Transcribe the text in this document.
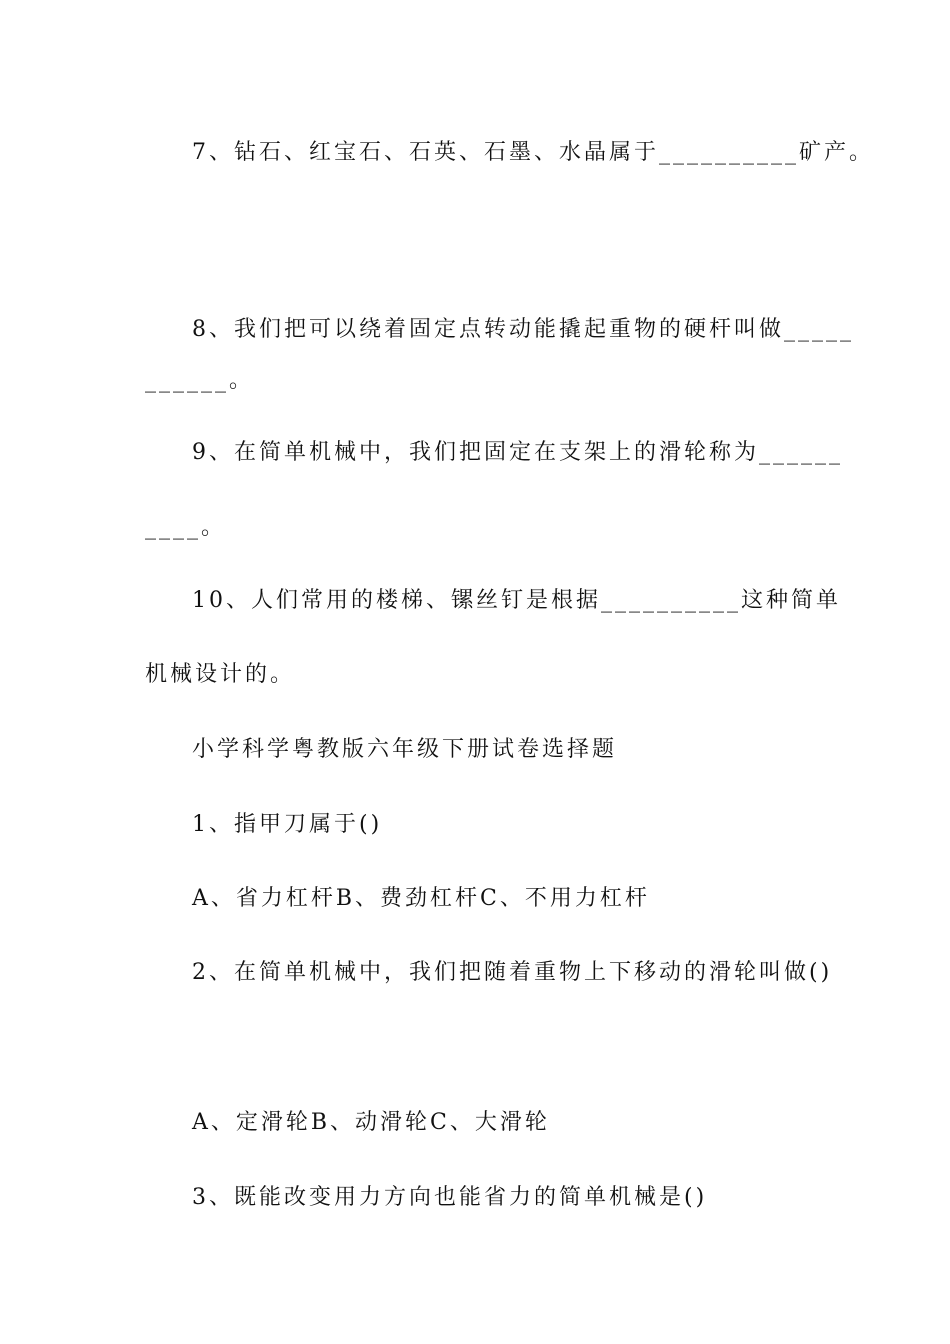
7、钻石、红宝石、石英、石墨、水晶属于__________矿产。
8、我们把可以绕着固定点转动能撬起重物的硬杆叫做_____
______。
9、在简单机械中，我们把固定在支架上的滑轮称为______
____。
10、人们常用的楼梯、镙丝钉是根据__________这种简单
机械设计的。
小学科学粤教版六年级下册试卷选择题
1、指甲刀属于()
A、省力杠杆B、费劲杠杆C、不用力杠杆
2、在简单机械中，我们把随着重物上下移动的滑轮叫做()
A、定滑轮B、动滑轮C、大滑轮
3、既能改变用力方向也能省力的简单机械是()
